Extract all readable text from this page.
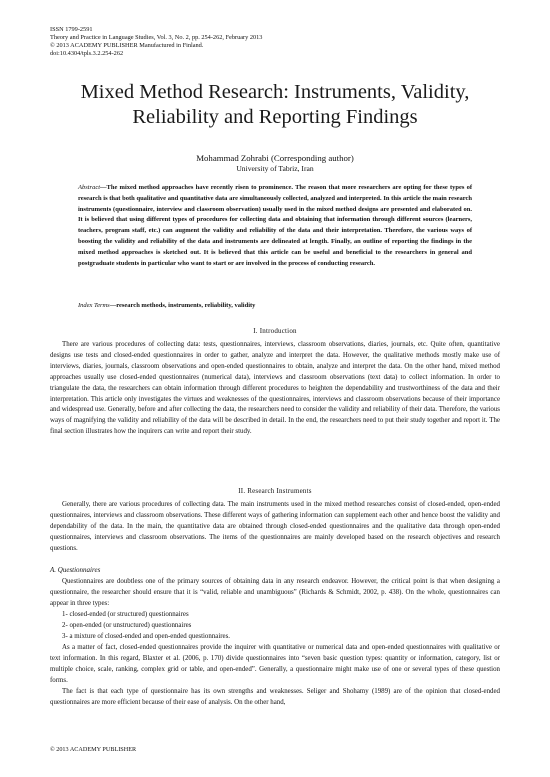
ISSN 1799-2591
Theory and Practice in Language Studies, Vol. 3, No. 2, pp. 254-262, February 2013
© 2013 ACADEMY PUBLISHER Manufactured in Finland.
doi:10.4304/tpls.3.2.254-262
Mixed Method Research: Instruments, Validity,
Reliability and Reporting Findings
Mohammad Zohrabi (Corresponding author)
University of Tabriz, Iran
Abstract—The mixed method approaches have recently risen to prominence. The reason that more researchers are opting for these types of research is that both qualitative and quantitative data are simultaneously collected, analyzed and interpreted. In this article the main research instruments (questionnaire, interview and classroom observation) usually used in the mixed method designs are presented and elaborated on. It is believed that using different types of procedures for collecting data and obtaining that information through different sources (learners, teachers, program staff, etc.) can augment the validity and reliability of the data and their interpretation. Therefore, the various ways of boosting the validity and reliability of the data and instruments are delineated at length. Finally, an outline of reporting the findings in the mixed method approaches is sketched out. It is believed that this article can be useful and beneficial to the researchers in general and postgraduate students in particular who want to start or are involved in the process of conducting research.
Index Terms—research methods, instruments, reliability, validity
I. Introduction

There are various procedures of collecting data: tests, questionnaires, interviews, classroom observations, diaries, journals, etc. Quite often, quantitative designs use tests and closed-ended questionnaires in order to gather, analyze and interpret the data. However, the qualitative methods mostly make use of interviews, diaries, journals, classroom observations and open-ended questionnaires to obtain, analyze and interpret the data. On the other hand, mixed method approaches usually use closed-ended questionnaires (numerical data), interviews and classroom observations (text data) to collect information. In order to triangulate the data, the researchers can obtain information through different procedures to heighten the dependability and trustworthiness of the data and their interpretation. This article only investigates the virtues and weaknesses of the questionnaires, interviews and classroom observations because of their importance and widespread use. Generally, before and after collecting the data, the researchers need to consider the validity and reliability of their data. Therefore, the various ways of magnifying the validity and reliability of the data will be described in detail. In the end, the researchers need to put their study together and report it. The final section illustrates how the inquirers can write and report their study.

II. Research Instruments

Generally, there are various procedures of collecting data. The main instruments used in the mixed method researches consist of closed-ended, open-ended questionnaires, interviews and classroom observations. These different ways of gathering information can supplement each other and hence boost the validity and dependability of the data. In the main, the quantitative data are obtained through closed-ended questionnaires and the qualitative data through open-ended questionnaires, interviews and classroom observations. The items of the questionnaires are mainly developed based on the research objectives and research questions.

A. Questionnaires

Questionnaires are doubtless one of the primary sources of obtaining data in any research endeavor. However, the critical point is that when designing a questionnaire, the researcher should ensure that it is “valid, reliable and unambiguous” (Richards & Schmidt, 2002, p. 438). On the whole, questionnaires can appear in three types:

1- closed-ended (or structured) questionnaires
2- open-ended (or unstructured) questionnaires
3- a mixture of closed-ended and open-ended questionnaires.

As a matter of fact, closed-ended questionnaires provide the inquirer with quantitative or numerical data and open-ended questionnaires with qualitative or text information. In this regard, Blaxter et al. (2006, p. 170) divide questionnaires into “seven basic question types: quantity or information, category, list or multiple choice, scale, ranking, complex grid or table, and open-ended”. Generally, a questionnaire might make use of one or several types of these question forms.

The fact is that each type of questionnaire has its own strengths and weaknesses. Seliger and Shohamy (1989) are of the opinion that closed-ended questionnaires are more efficient because of their ease of analysis. On the other hand,

© 2013 ACADEMY PUBLISHER
